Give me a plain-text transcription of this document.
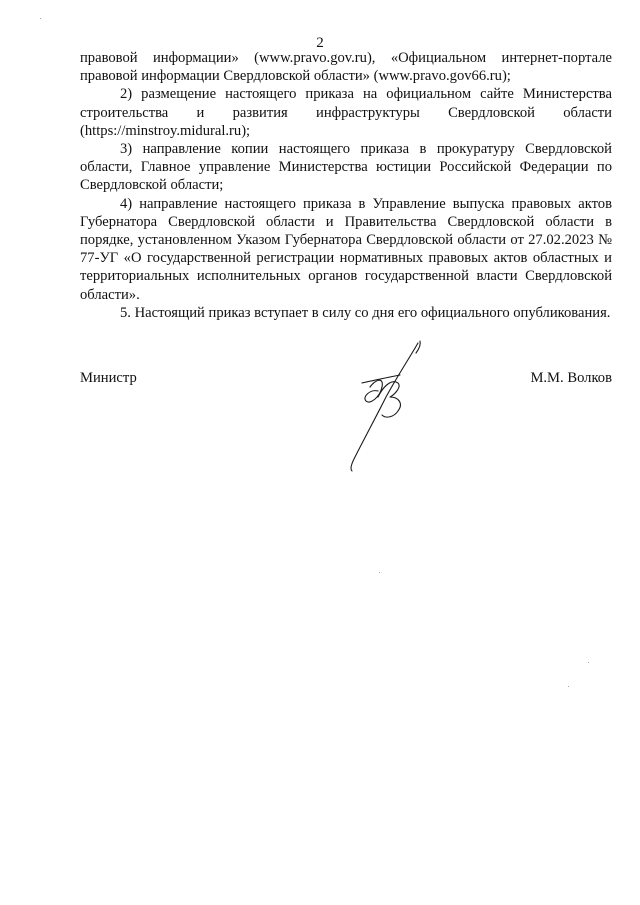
2

правовой информации» (www.pravo.gov.ru), «Официальном интернет-портале правовой информации Свердловской области» (www.pravo.gov66.ru);

2) размещение настоящего приказа на официальном сайте Министерства строительства и развития инфраструктуры Свердловской области (https://minstroy.midural.ru);

3) направление копии настоящего приказа в прокуратуру Свердловской области, Главное управление Министерства юстиции Российской Федерации по Свердловской области;

4) направление настоящего приказа в Управление выпуска правовых актов Губернатора Свердловской области и Правительства Свердловской области в порядке, установленном Указом Губернатора Свердловской области от 27.02.2023 № 77-УГ «О государственной регистрации нормативных правовых актов областных и территориальных исполнительных органов государственной власти Свердловской области».

5. Настоящий приказ вступает в силу со дня его официального опубликования.

Министр	М.М. Волков
